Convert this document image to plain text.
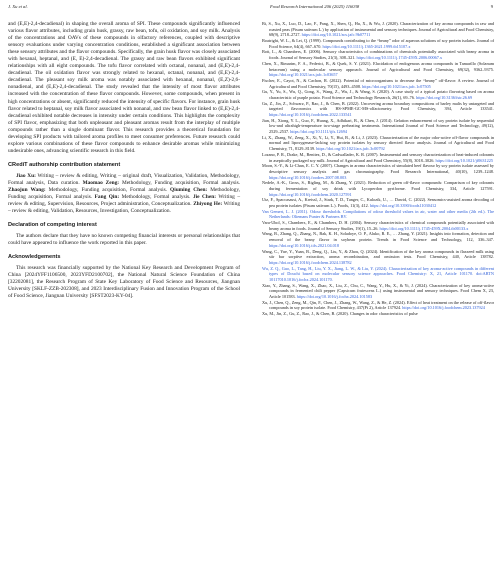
J. Xu et al.	Food Research International 206 (2025) 116038	9

and (E,E)-2,4-decadienal) in shaping the overall aroma of SPI. These compounds significantly influenced various flavor attributes, including grain husk, grassy, raw bean, tofu, oil oxidation, and soy milk. Analysis of the concentrations and OAVs of these compounds in olfactory references, coupled with descriptive sensory evaluations under varying concentration conditions, established a significant association between these sensory attributes and the flavor compounds. Specifically, the grain husk flavor was closely associated with hexanal, heptanal, and (E, E)-2,4-decadienal. The grassy and raw bean flavors exhibited significant relationships with all eight compounds. The tofu flavor correlated with octanal, nonanal, and (E,E)-2,4-decadienal. The oil oxidation flavor was strongly related to hexanal, octanal, nonanal, and (E,E)-2,4-decadienal. The pleasant soy milk aroma was notably associated with hexanal, nonanal, (E,Z)-2,6-nonadienal, and (E,E)-2,4-decadienal. The study revealed that the intensity of most flavor attributes increased with the concentration of these flavor compounds. However, some compounds, when present in high concentrations or absent, significantly reduced the intensity of specific flavors. For instance, grain husk flavor related to heptanal, soy milk flavor associated with nonanal, and raw bean flavor linked to (E,E)-2,4-decadienal exhibited notable decreases in intensity under certain conditions. This highlights the complexity of SPI flavor, emphasizing that both unpleasant and pleasant aromas result from the interplay of multiple compounds rather than a single dominant flavor. This research provides a theoretical foundation for developing SPI products with tailored aroma profiles to meet consumer preferences. Future research could explore various combinations of these flavor compounds to enhance desirable aromas while minimizing undesirable ones, advancing scientific research in this field.

CRediT authorship contribution statement

Jiao Xu: Writing – review & editing, Writing – original draft, Visualization, Validation, Methodology, Formal analysis, Data curation. Maomao Zeng: Methodology, Funding acquisition, Formal analysis. Zhaojun Wang: Methodology, Funding acquisition, Formal analysis. Qiuming Chen: Methodology, Funding acquisition, Formal analysis. Fang Qin: Methodology, Formal analysis. Jie Chen: Writing – review & editing, Supervision, Resources, Project administration, Conceptualization. Zhiyong He: Writing – review & editing, Validation, Resources, Investigation, Conceptualization.

Declaration of competing interest

The authors declare that they have no known competing financial interests or personal relationships that could have appeared to influence the work reported in this paper.

Acknowledgements

This research was financially supported by the National Key Research and Development Program of China [2024YFF1106500, 2023YFD2100702], the National Natural Science Foundation of China [32202081], the Research Program of State Key Laboratory of Food Science and Resources, Jiangnan University [SKLF-ZZB-202308], and 2023 Interdisciplinary Fusion and Innovation Program of the School of Food Science, Jiangnan University [SFST2023-KY-04].

Bi, S., Xu, X., Luo, D., Lao, F., Pang, X., Shen, Q., Hu, X., & Wu, J. (2020). Characterization of key aroma compounds in raw and roasted peas (Pisum sativum L.) by application of instrumental and sensory techniques. Journal of Agricultural and Food Chemistry, 68(9), 2718–2727. https://doi.org/10.1021/acs.jafc.9b07711
Boatright, W. L., & Lei, Q. (1999). Compounds contributing to the “beany” odor of aqueous solutions of soy protein isolates. Journal of Food Science, 64(4), 667–670. https://doi.org/10.1111/j.1365-2621.1999.tb15107.x
Bott, L., & Chambers, E. (2006). Sensory characteristics of combinations of chemicals potentially associated with beany aroma in foods. Journal of Sensory Studies, 21(3), 308–321. https://doi.org/10.1111/j.1745-459X.2006.00067.x
Chen, X., Rimarim, F. A., Federici, B., & Quek, S. Y. (2021). Elucidation of endogenous aroma compounds in Tamarillo (Solanum betaceum) using a molecular sensory approach. Journal of Agricultural and Food Chemistry, 69(32), 9362–9375. https://doi.org/10.1021/acs.jafc.1c03657
Fischer, E., Cayot, N., & Cachon, R. (2022). Potential of microorganisms to decrease the “beany” off-flavor: A review. Journal of Agricultural and Food Chemistry, 70(15), 4493–4508. https://doi.org/10.1021/acs.jafc.1c07505
Gu, Y., Yu, S., Wu, Q., Gong, S., Wang, Z., Wu, J., & Wang, S. (2020). A case study of a typical potato flavoring based on aroma characteristic of purple potato. Food Science and Technology Research, 26(1), 69–76. https://doi.org/10.3136/fstr.26.69
Gu, Z., Jin, Z., Schwarz, P., Rao, J., & Chen, B. (2022). Uncovering aroma boundary compositions of barley malts by untargeted and targeted flavoromics with HS-SPME-GC-MS-olfactometry. Food Chemistry, 394, Article 133541. https://doi.org/10.1016/j.foodchem.2022.133541
Jian, H., Xiong, Y. L., Guo, F., Huang, X., Adhikari, B., & Chen, J. (2014). Gelation enhancement of soy protein isolate by sequential low-and ultrahigh-temperature two-stage preheating treatments. International Journal of Food Science and Technology, 49(12), 2529–2537. https://doi.org/10.1111/ijfs.12694
Li, X., Zhang, W., Zeng, X., Xi, Y., Li, Y., Hui, B., & Li, J. (2023). Characterization of the major odor-active off-flavor compounds in normal and lipoxygenase-lacking soy protein isolates by sensory directed flavor analysis. Journal of Agricultural and Food Chemistry, 71, 8129–8139. https://doi.org/10.1021/acs.jafc.3c00792
Lozano, P. R., Drake, M., Benitez, D., & Cadwallader, K. R. (2007). Instrumental and sensory characterization of heat-induced odorants in aseptically packaged soy milk. Journal of Agricultural and Food Chemistry, 55(8), 3018–3026. https://doi.org/10.1021/jf0631225
Moon, S.-Y., & Li-Chan, E. C. Y. (2007). Changes in aroma characteristics of simulated beef flavour by soy protein isolate assessed by descriptive sensory analysis and gas chromatography. Food Research International, 40(10), 1239–1248. https://doi.org/10.1016/j.foodres.2007.08.003
Nedele, A.-K., Gross, S., Rigling, M., & Zhang, Y. (2021). Reduction of green off-flavor compounds: Comparison of key odorants during fermentation of soy drink with Lycoperdon pyriforme. Food Chemistry, 334, Article 127591. https://doi.org/10.1016/j.foodchem.2020.127591
Utz, F., Spaccasassi, A., Kreissl, J., Stark, T. D., Tanger, C., Kulozik, U., … Dawid, C. (2022). Sensomics-assisted aroma decoding of pea protein isolates (Pisum sativum L.). Foods, 11(3), 412. https://doi.org/10.3390/foods11030412
Van Gemert, L. J. (2011). Odour thresholds. Compilations of odour threshold values in air, water and other media (2th ed.). The Netherlands: Oliemans Punter & Partners BV.
Vara-Ubol, S., Chambers, E., & Chambers, D. H. (2004). Sensory characteristics of chemical compounds potentially associated with beany aroma in foods. Journal of Sensory Studies, 19(1), 15–26. https://doi.org/10.1111/j.1745-459X.2004.tb00133.x
Wang, B., Zhang, Q., Zhang, N., Bak, K. H., Soladoye, O. P., Aluko, R. E., … Zhang, Y. (2021). Insights into formation, detection and removal of the beany flavor in soybean protein. Trends in Food Science and Technology, 112, 336–347. https://doi.org/10.1016/j.tifs.2021.04.018
Wang, C., Yue, Y., Yuan, B., Deng, Q., Liu, Y., & Zhou, Q. (2024). Identification of the key aroma compounds in flaxseed milk using stir bar sorptive extraction, aroma recombination, and omission tests. Food Chemistry, 440, Article 138782. https://doi.org/10.1016/j.foodchem.2024.138782
Wu, Z. Q., Guo, L., Tang, H., Liu, Y. X., Jiang, L. W., & Liu, Y. (2024). Characterization of key aroma-active compounds in different types of Douchi based on molecular sensory science approaches. Food Chemistry: X, 21, Article 101170. doi:ARTN 10117010.1016/j.fochx.2024.101170.
Xiao, Y., Zhang, S., Wang, X., Zhao, X., Liu, Z., Chu, C., Wang, Y., Hu, X., & Yi, J. (2024). Characterization of key aroma-active compounds in fermented chili pepper (Capsicum frutescens L.) using instrumental and sensory techniques. Food Chem X, 23, Article 101583. https://doi.org/10.1016/j.fochx.2024.101583
Xu, J., Chen, Q., Zeng, M., Qin, F., Chen, J., Zhang, W., Wang, Z., & He, Z. (2024). Effect of heat treatment on the release of off-flavor compounds in soy protein isolate. Food Chemistry, 437(Pt 2), Article 137924. https://doi.org/10.1016/j.foodchem.2023.137924
Xu, M., Jin, Z., Gu, Z., Rao, J., & Chen, B. (2020). Changes in odor characteristics of pulse
